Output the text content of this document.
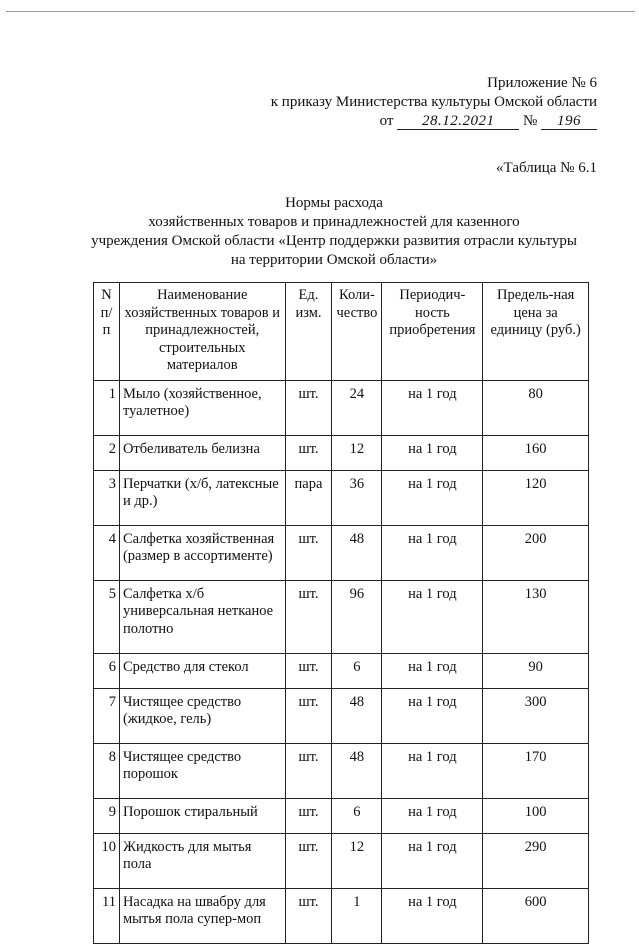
Приложение № 6
к приказу Министерства культуры Омской области
от 28.12.2021 № 196
«Таблица № 6.1
Нормы расхода
хозяйственных товаров и принадлежностей для казенного
учреждения Омской области «Центр поддержки развития отрасли культуры
на территории Омской области»
N п/п	Наименование хозяйственных товаров и принадлежностей, строительных материалов	Ед. изм.	Коли-чество	Периодич-ность приобретения	Предель-ная цена за единицу (руб.)
1	Мыло (хозяйственное, туалетное)	шт.	24	на 1 год	80
2	Отбеливатель белизна	шт.	12	на 1 год	160
3	Перчатки (х/б, латексные и др.)	пара	36	на 1 год	120
4	Салфетка хозяйственная (размер в ассортименте)	шт.	48	на 1 год	200
5	Салфетка х/б универсальная нетканое полотно	шт.	96	на 1 год	130
6	Средство для стекол	шт.	6	на 1 год	90
7	Чистящее средство (жидкое, гель)	шт.	48	на 1 год	300
8	Чистящее средство порошок	шт.	48	на 1 год	170
9	Порошок стиральный	шт.	6	на 1 год	100
10	Жидкость для мытья пола	шт.	12	на 1 год	290
11	Насадка на швабру для мытья пола супер-моп	шт.	1	на 1 год	600
